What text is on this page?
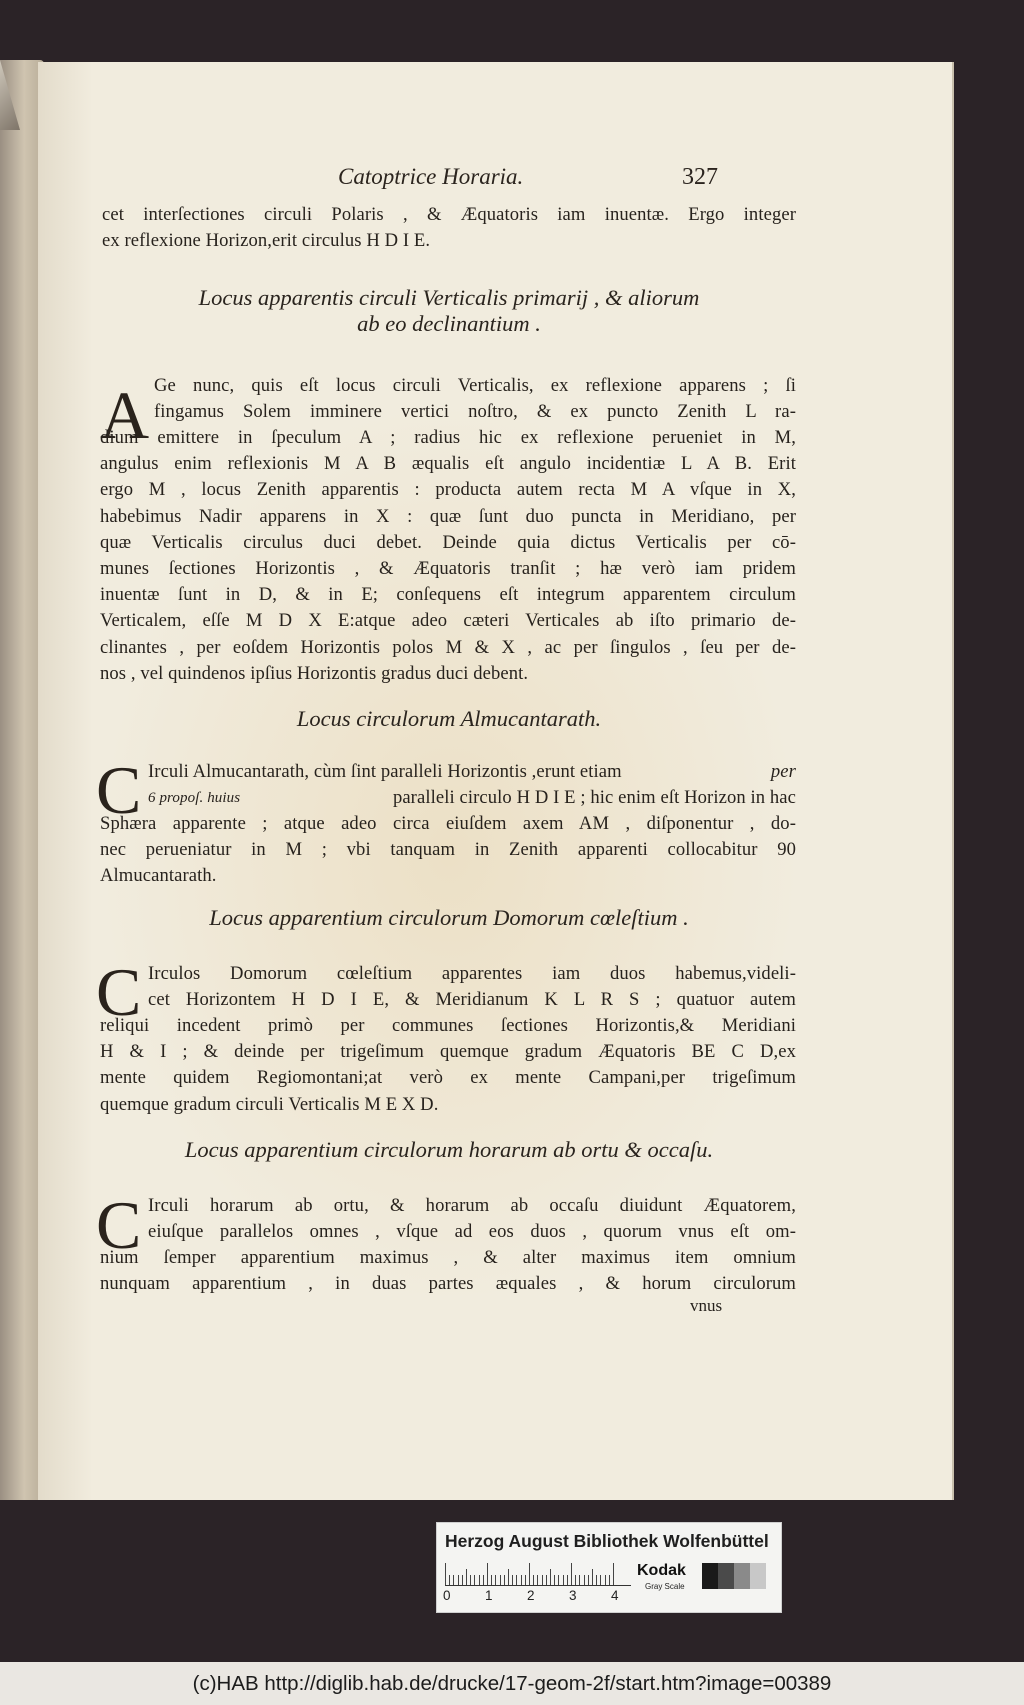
Catoptrice Horaria.	327
cet interſectiones circuli Polaris , & Æquatoris iam inuentæ. Ergo integer
ex reflexione Horizon,erit circulus H D I E.
Locus apparentis circuli Verticalis primarij , & aliorum
ab eo declinantium .
A Ge nunc, quis eſt locus circuli Verticalis, ex reflexione apparens ; ſi
fingamus Solem imminere vertici noſtro, & ex puncto Zenith L ra-
dium emittere in ſpeculum A ; radius hic ex reflexione perueniet in M,
angulus enim reflexionis M A B æqualis eſt angulo incidentiæ L A B. Erit
ergo M , locus Zenith apparentis : producta autem recta M A vſque in X,
habebimus Nadir apparens in X : quæ ſunt duo puncta in Meridiano, per
quæ Verticalis circulus duci debet. Deinde quia dictus Verticalis per cō-
munes ſectiones Horizontis , & Æquatoris tranſit ; hæ verò iam pridem
inuentæ ſunt in D, & in E; conſequens eſt integrum apparentem circulum
Verticalem, eſſe M D X E:atque adeo cæteri Verticales ab iſto primario de-
clinantes , per eoſdem Horizontis polos M & X , ac per ſingulos , ſeu per de-
nos , vel quindenos ipſius Horizontis gradus duci debent.
Locus circulorum Almucantarath.
C Irculi Almucantarath, cùm ſint paralleli Horizontis ,erunt etiam	per
6 propoſ. huius	paralleli circulo H D I E ; hic enim eſt Horizon in hac
Sphæra apparente ; atque adeo circa eiuſdem axem AM , diſponentur , do-
nec perueniatur in M ; vbi tanquam in Zenith apparenti collocabitur 90
Almucantarath.
Locus apparentium circulorum Domorum cœleſtium .
C Irculos Domorum cœleſtium apparentes iam duos habemus,videli-
cet Horizontem H D I E, & Meridianum K L R S ; quatuor autem
reliqui incedent primò per communes ſectiones Horizontis,& Meridiani
H & I ; & deinde per trigeſimum quemque gradum Æquatoris BE C D,ex
mente quidem Regiomontani;at verò ex mente Campani,per trigeſimum
quemque gradum circuli Verticalis M E X D.
Locus apparentium circulorum horarum ab ortu & occaſu.
C Irculi horarum ab ortu, & horarum ab occaſu diuidunt Æquatorem,
eiuſque parallelos omnes , vſque ad eos duos , quorum vnus eſt om-
nium ſemper apparentium maximus , & alter maximus item omnium
nunquam apparentium , in duas partes æquales , & horum circulorum
vnus
Herzog August Bibliothek Wolfenbüttel
0	1	2	3	4
Kodak
Gray Scale
(c)HAB http://diglib.hab.de/drucke/17-geom-2f/start.htm?image=00389
